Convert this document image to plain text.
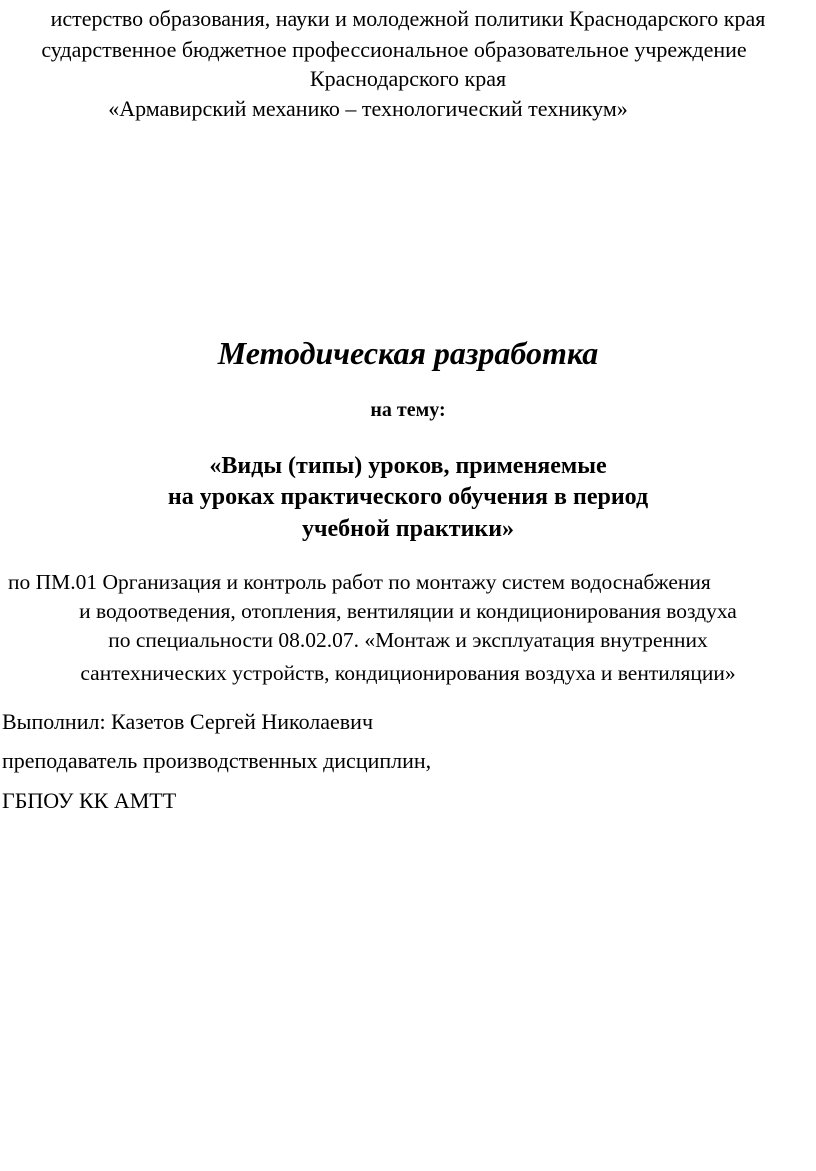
истерство образования, науки и молодежной политики Краснодарского края
сударственное бюджетное профессиональное образовательное учреждение
Краснодарского края
«Армавирский механико – технологический техникум»
Методическая разработка
на тему:
«Виды (типы) уроков, применяемые
на уроках практического обучения в период
учебной практики»
по ПМ.01 Организация и контроль работ по монтажу систем водоснабжения
и водоотведения, отопления, вентиляции и кондиционирования воздуха
по специальности 08.02.07. «Монтаж и эксплуатация внутренних
сантехнических устройств, кондиционирования воздуха и вентиляции»
Выполнил: Казетов Сергей Николаевич
преподаватель производственных дисциплин,
ГБПОУ КК АМТТ
